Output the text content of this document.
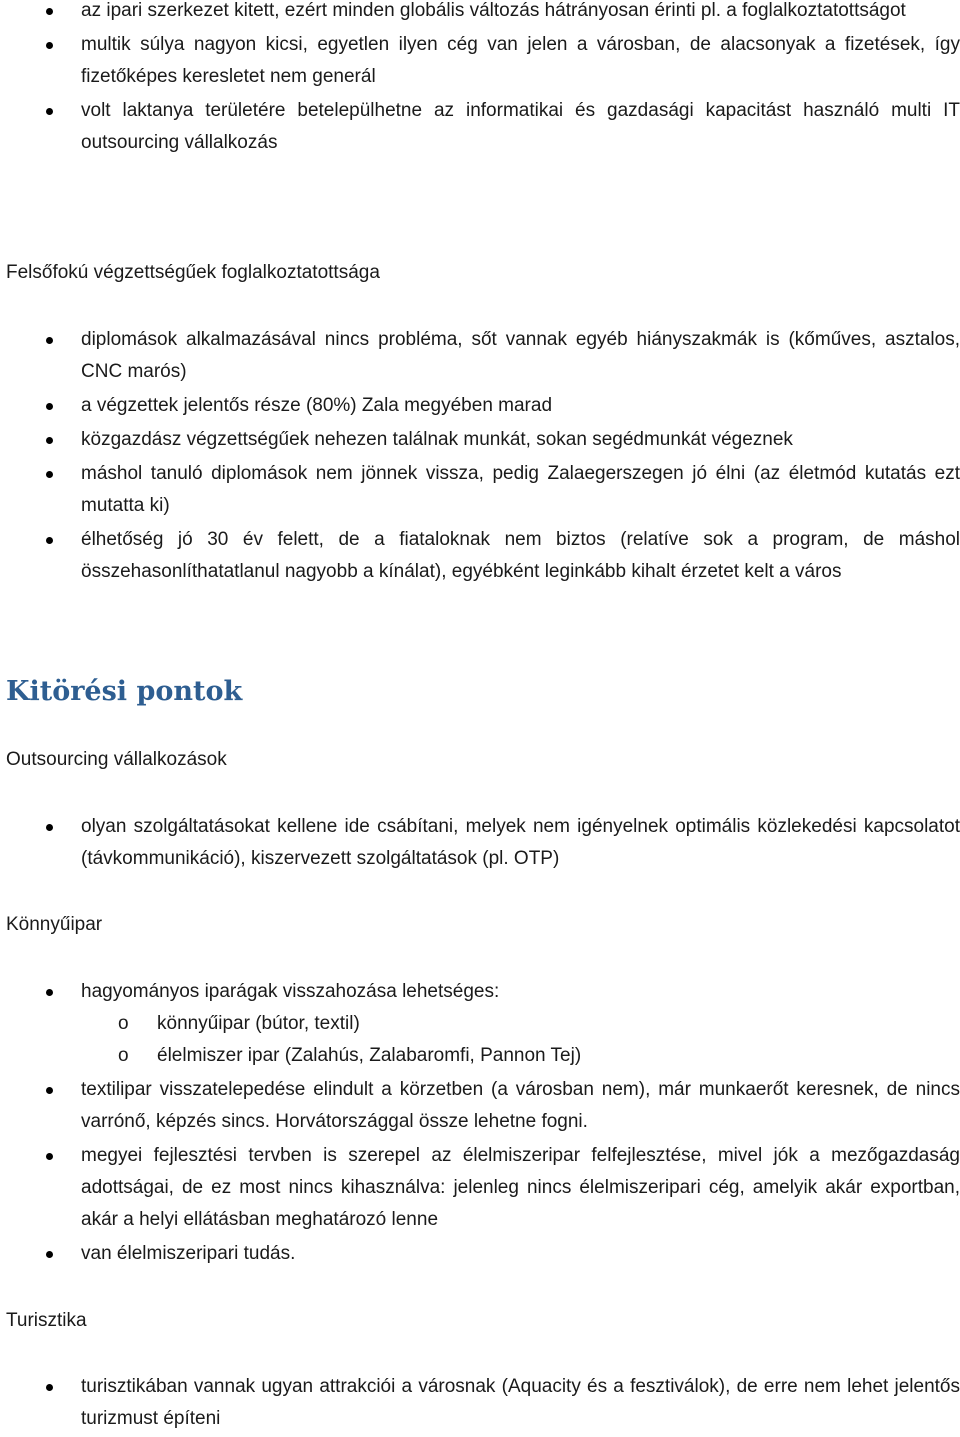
az ipari szerkezet kitett, ezért minden globális változás hátrányosan érinti pl. a foglalkoztatottságot
multik súlya nagyon kicsi, egyetlen ilyen cég van jelen a városban, de alacsonyak a fizetések, így fizetőképes keresletet nem generál
volt laktanya területére betelepülhetne az informatikai és gazdasági kapacitást használó multi IT outsourcing vállalkozás
Felsőfokú végzettségűek foglalkoztatottsága
diplomások alkalmazásával nincs probléma, sőt vannak egyéb hiányszakmák is (kőműves, asztalos, CNC marós)
a végzettek jelentős része (80%) Zala megyében marad
közgazdász végzettségűek nehezen találnak munkát, sokan segédmunkát végeznek
máshol tanuló diplomások nem jönnek vissza, pedig Zalaegerszegen jó élni (az életmód kutatás ezt mutatta ki)
élhetőség jó 30 év felett, de a fiataloknak nem biztos (relatíve sok a program, de máshol összehasonlíthatatlanul nagyobb a kínálat), egyébként leginkább kihalt érzetet kelt a város
Kitörési pontok
Outsourcing vállalkozások
olyan szolgáltatásokat kellene ide csábítani, melyek nem igényelnek optimális közlekedési kapcsolatot (távkommunikáció), kiszervezett szolgáltatások (pl. OTP)
Könnyűipar
hagyományos iparágak visszahozása lehetséges:
o könnyűipar (bútor, textil)
o élelmiszer ipar (Zalahús, Zalabaromfi, Pannon Tej)
textilipar visszatelepedése elindult a körzetben (a városban nem), már munkaerőt keresnek, de nincs varrónő, képzés sincs. Horvátországgal össze lehetne fogni.
megyei fejlesztési tervben is szerepel az élelmiszeripar felfejlesztése, mivel jók a mezőgazdaság adottságai, de ez most nincs kihasználva: jelenleg nincs élelmiszeripari cég, amelyik akár exportban, akár a helyi ellátásban meghatározó lenne
van élelmiszeripari tudás.
Turisztika
turisztikában vannak ugyan attrakciói a városnak (Aquacity és a fesztiválok), de erre nem lehet jelentős turizmust építeni
